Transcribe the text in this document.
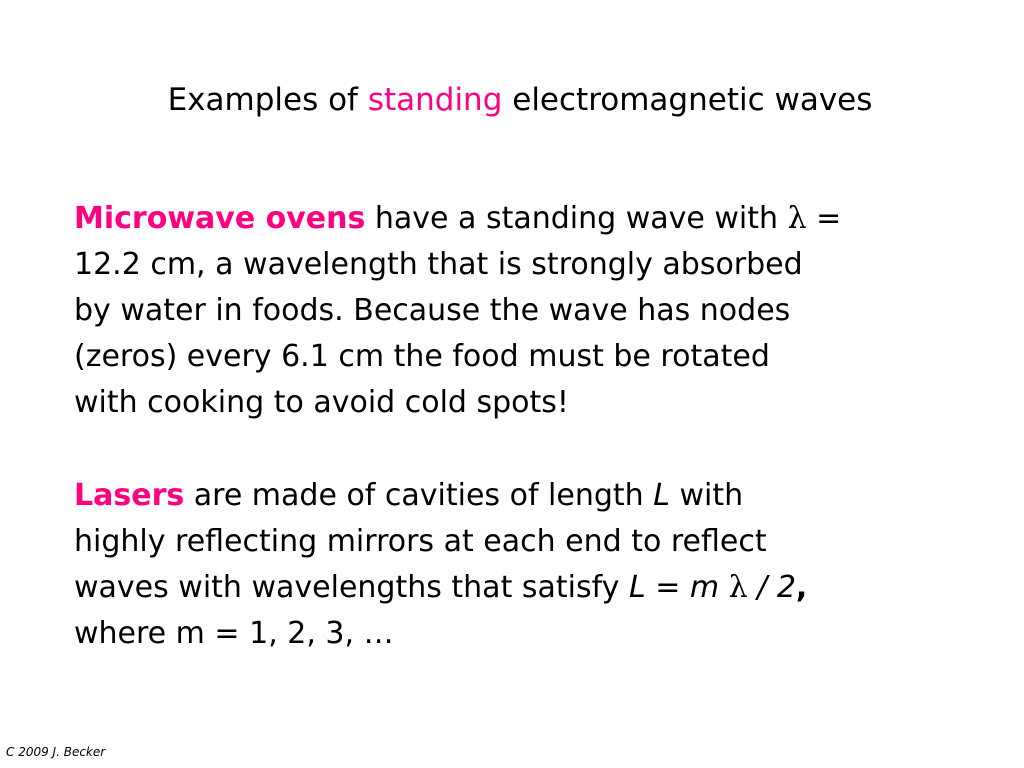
Examples of standing electromagnetic waves
Microwave ovens have a standing wave with λ =
12.2 cm, a wavelength that is strongly absorbed
by water in foods. Because the wave has nodes
(zeros) every 6.1 cm the food must be rotated
with cooking to avoid cold spots!
Lasers are made of cavities of length L with
highly reflecting mirrors at each end to reflect
waves with wavelengths that satisfy L = m λ / 2,
where m = 1, 2, 3, …
C 2009 J. Becker
